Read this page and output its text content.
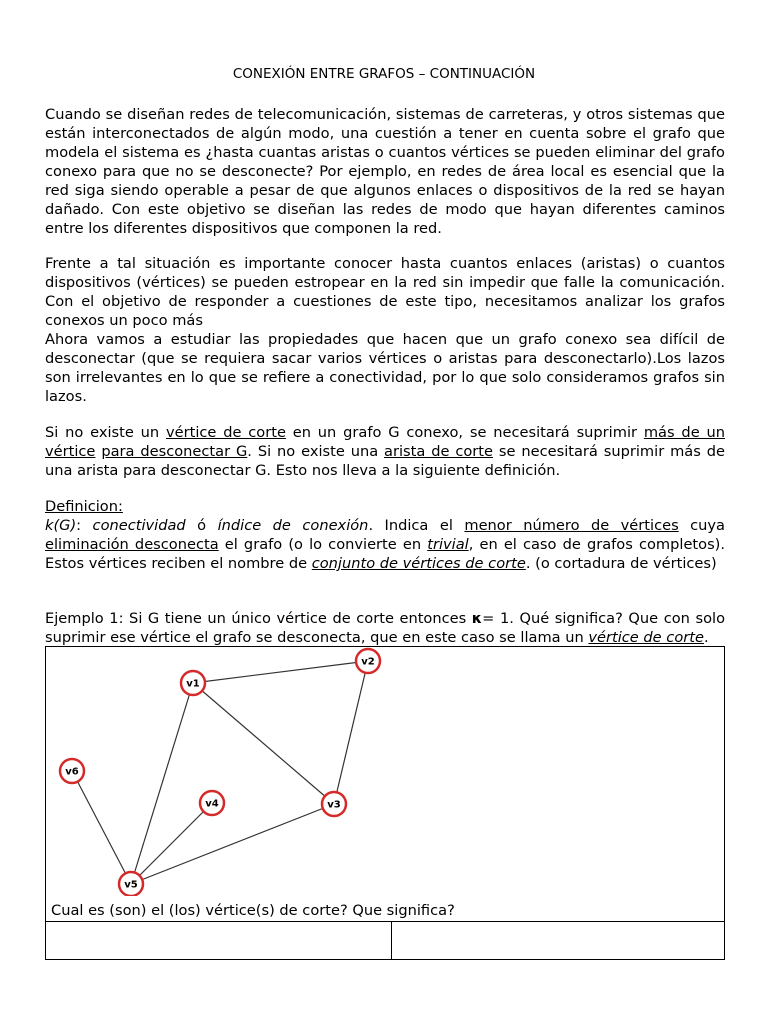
CONEXIÓN ENTRE GRAFOS – CONTINUACIÓN

Cuando se diseñan redes de telecomunicación, sistemas de carreteras, y otros sistemas que están interconectados de algún modo, una cuestión a tener en cuenta sobre el grafo que modela el sistema es ¿hasta cuantas aristas o cuantos vértices se pueden eliminar del grafo conexo para que no se desconecte? Por ejemplo, en redes de área local es esencial que la red siga siendo operable a pesar de que algunos enlaces o dispositivos de la red se hayan dañado. Con este objetivo se diseñan las redes de modo que hayan diferentes caminos entre los diferentes dispositivos que componen la red.

Frente a tal situación es importante conocer hasta cuantos enlaces (aristas) o cuantos dispositivos (vértices) se pueden estropear en la red sin impedir que falle la comunicación. Con el objetivo de responder a cuestiones de este tipo, necesitamos analizar los grafos conexos un poco más

Ahora vamos a estudiar las propiedades que hacen que un grafo conexo sea difícil de desconectar (que se requiera sacar varios vértices o aristas para desconectarlo).Los lazos son irrelevantes en lo que se refiere a conectividad, por lo que solo consideramos grafos sin lazos.

Si no existe un vértice de corte en un grafo G conexo, se necesitará suprimir más de un vértice para desconectar G. Si no existe una arista de corte se necesitará suprimir más de una arista para desconectar G. Esto nos lleva a la siguiente definición.

Definicion:
k(G): conectividad ó índice de conexión. Indica el menor número de vértices cuya eliminación desconecta el grafo (o lo convierte en trivial, en el caso de grafos completos). Estos vértices reciben el nombre de conjunto de vértices de corte. (o cortadura de vértices)

Ejemplo 1: Si G tiene un único vértice de corte entonces κ= 1. Qué significa? Que con solo suprimir ese vértice el grafo se desconecta, que en este caso se llama un vértice de corte.

v1
v2
v3
v4
v5
v6
Cual es (son) el (los) vértice(s) de corte? Que significa?
